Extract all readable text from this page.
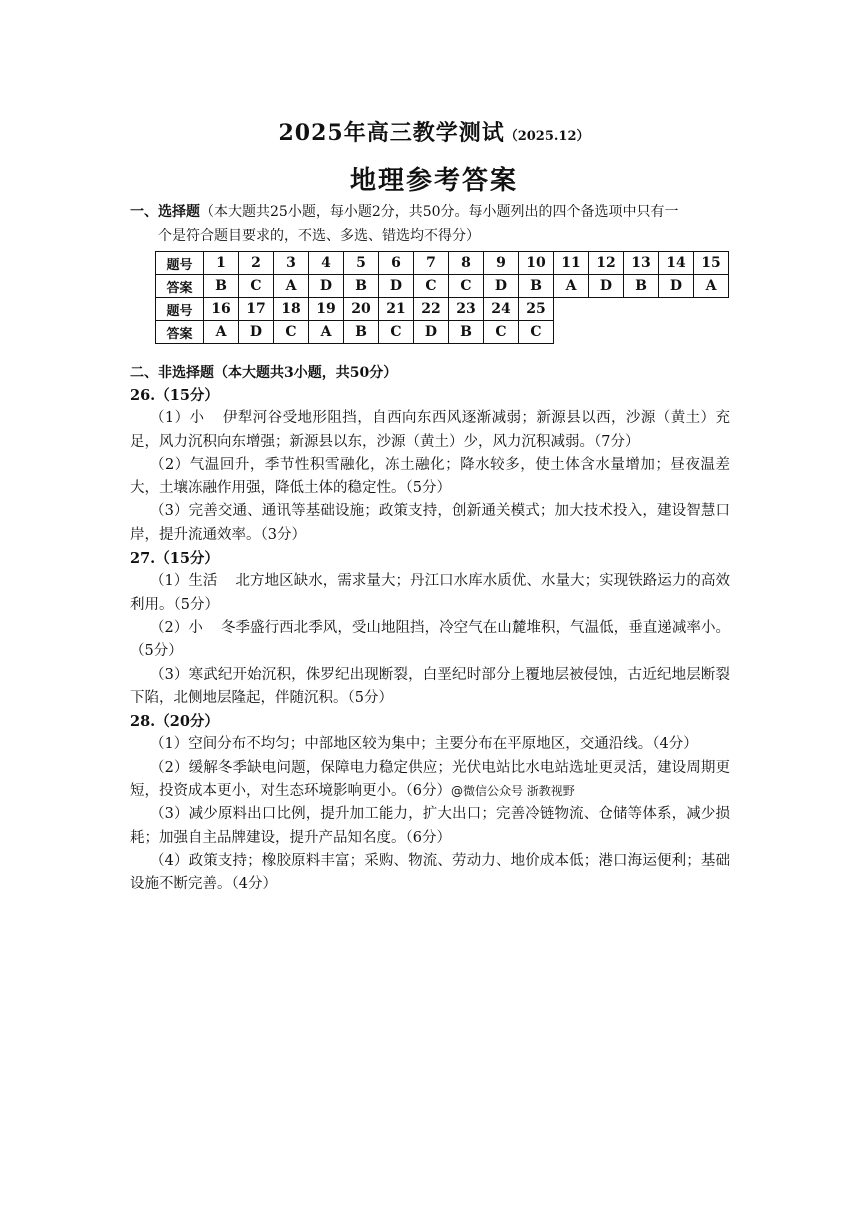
2025年高三教学测试（2025.12）
地理参考答案
一、选择题（本大题共25小题，每小题2分，共50分。每小题列出的四个备选项中只有一
个是符合题目要求的，不选、多选、错选均不得分）
题号	1	2	3	4	5	6	7	8	9	10	11	12	13	14	15
答案	B	C	A	D	B	D	C	C	D	B	A	D	B	D	A
题号	16	17	18	19	20	21	22	23	24	25					
答案	A	D	C	A	B	C	D	B	C	C					
二、非选择题（本大题共3小题，共50分）
26.（15分）
（1）小 伊犁河谷受地形阻挡，自西向东西风逐渐减弱；新源县以西，沙源（黄土）充足，风力沉积向东增强；新源县以东，沙源（黄土）少，风力沉积减弱。（7分）
（2）气温回升，季节性积雪融化，冻土融化；降水较多，使土体含水量增加；昼夜温差大，土壤冻融作用强，降低土体的稳定性。（5分）
（3）完善交通、通讯等基础设施；政策支持，创新通关模式；加大技术投入，建设智慧口岸，提升流通效率。（3分）
27.（15分）
（1）生活 北方地区缺水，需求量大；丹江口水库水质优、水量大；实现铁路运力的高效利用。（5分）
（2）小 冬季盛行西北季风，受山地阻挡，冷空气在山麓堆积，气温低，垂直递减率小。（5分）
（3）寒武纪开始沉积，侏罗纪出现断裂，白垩纪时部分上覆地层被侵蚀，古近纪地层断裂下陷，北侧地层隆起，伴随沉积。（5分）
28.（20分）
（1）空间分布不均匀；中部地区较为集中；主要分布在平原地区，交通沿线。（4分）
（2）缓解冬季缺电问题，保障电力稳定供应；光伏电站比水电站选址更灵活，建设周期更短，投资成本更小，对生态环境影响更小。（6分）@微信公众号 浙教视野
（3）减少原料出口比例，提升加工能力，扩大出口；完善冷链物流、仓储等体系，减少损耗；加强自主品牌建设，提升产品知名度。（6分）
（4）政策支持；橡胶原料丰富；采购、物流、劳动力、地价成本低；港口海运便利；基础设施不断完善。（4分）
